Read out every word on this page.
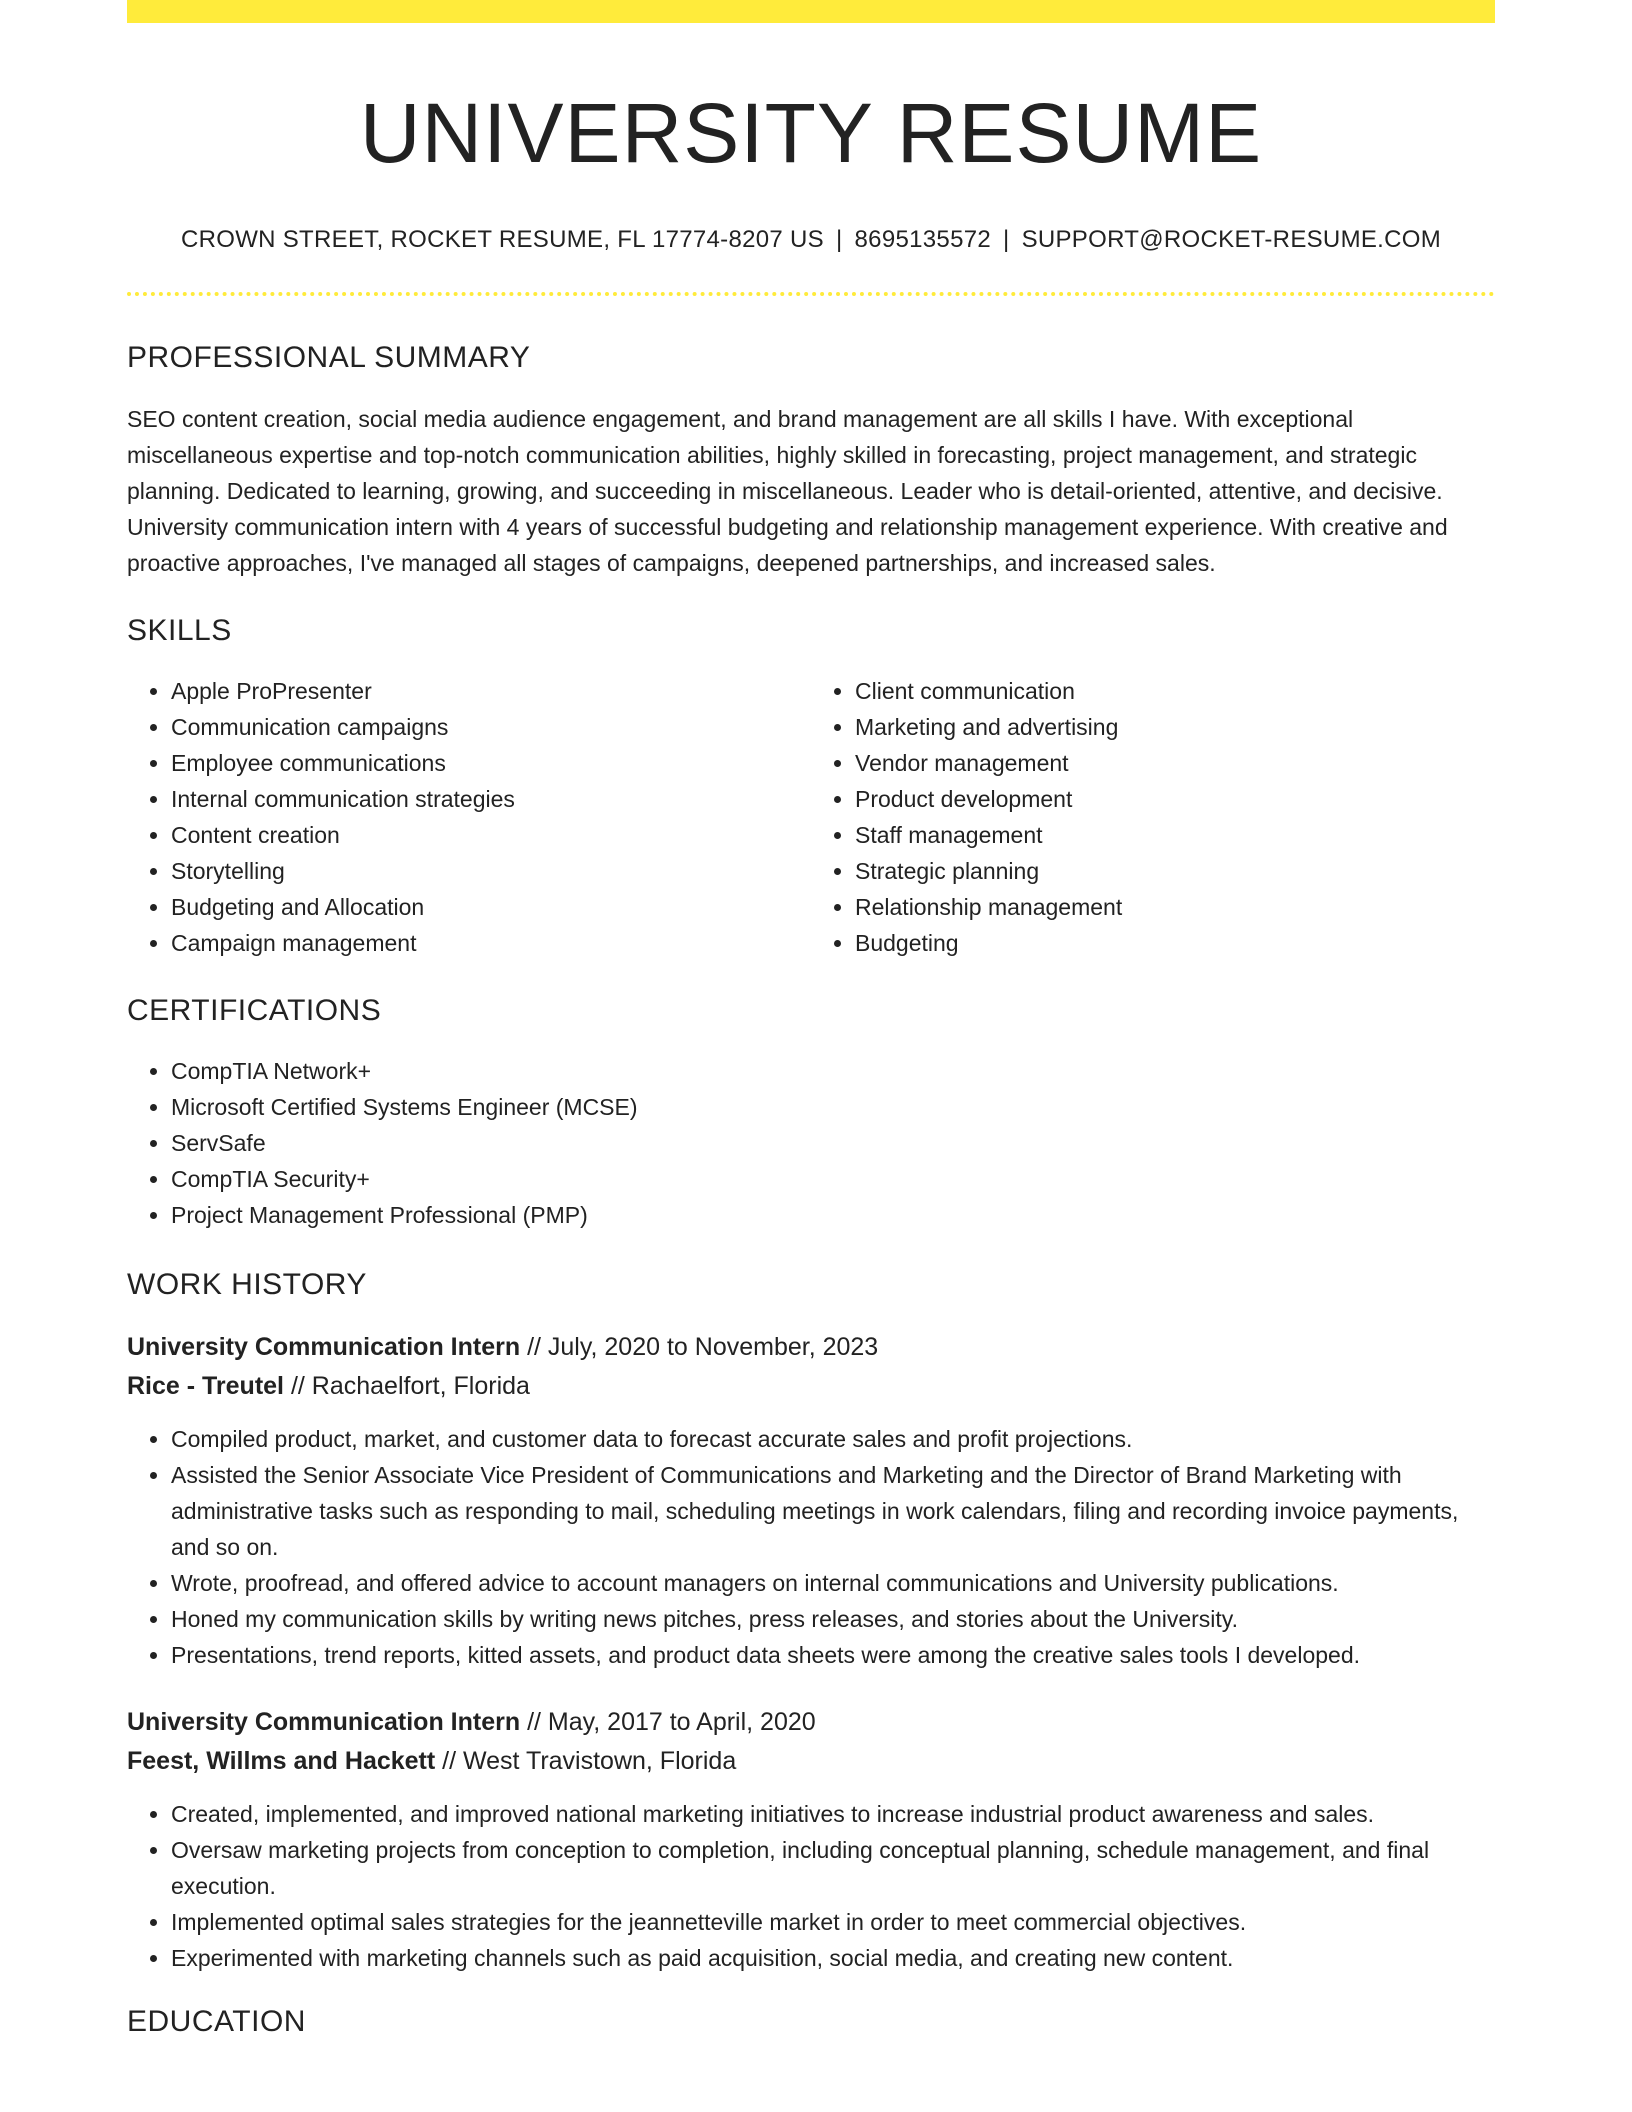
UNIVERSITY RESUME
CROWN STREET, ROCKET RESUME, FL 17774-8207 US | 8695135572 | SUPPORT@ROCKET-RESUME.COM
PROFESSIONAL SUMMARY

SEO content creation, social media audience engagement, and brand management are all skills I have. With exceptional miscellaneous expertise and top-notch communication abilities, highly skilled in forecasting, project management, and strategic planning. Dedicated to learning, growing, and succeeding in miscellaneous. Leader who is detail-oriented, attentive, and decisive. University communication intern with 4 years of successful budgeting and relationship management experience. With creative and proactive approaches, I've managed all stages of campaigns, deepened partnerships, and increased sales.

SKILLS
• Apple ProPresenter
• Communication campaigns
• Employee communications
• Internal communication strategies
• Content creation
• Storytelling
• Budgeting and Allocation
• Campaign management
• Client communication
• Marketing and advertising
• Vendor management
• Product development
• Staff management
• Strategic planning
• Relationship management
• Budgeting
CERTIFICATIONS
• CompTIA Network+
• Microsoft Certified Systems Engineer (MCSE)
• ServSafe
• CompTIA Security+
• Project Management Professional (PMP)
WORK HISTORY
University Communication Intern // July, 2020 to November, 2023
Rice - Treutel // Rachaelfort, Florida
• Compiled product, market, and customer data to forecast accurate sales and profit projections.
• Assisted the Senior Associate Vice President of Communications and Marketing and the Director of Brand Marketing with administrative tasks such as responding to mail, scheduling meetings in work calendars, filing and recording invoice payments, and so on.
• Wrote, proofread, and offered advice to account managers on internal communications and University publications.
• Honed my communication skills by writing news pitches, press releases, and stories about the University.
• Presentations, trend reports, kitted assets, and product data sheets were among the creative sales tools I developed.
University Communication Intern // May, 2017 to April, 2020
Feest, Willms and Hackett // West Travistown, Florida
• Created, implemented, and improved national marketing initiatives to increase industrial product awareness and sales.
• Oversaw marketing projects from conception to completion, including conceptual planning, schedule management, and final execution.
• Implemented optimal sales strategies for the jeannetteville market in order to meet commercial objectives.
• Experimented with marketing channels such as paid acquisition, social media, and creating new content.
EDUCATION
